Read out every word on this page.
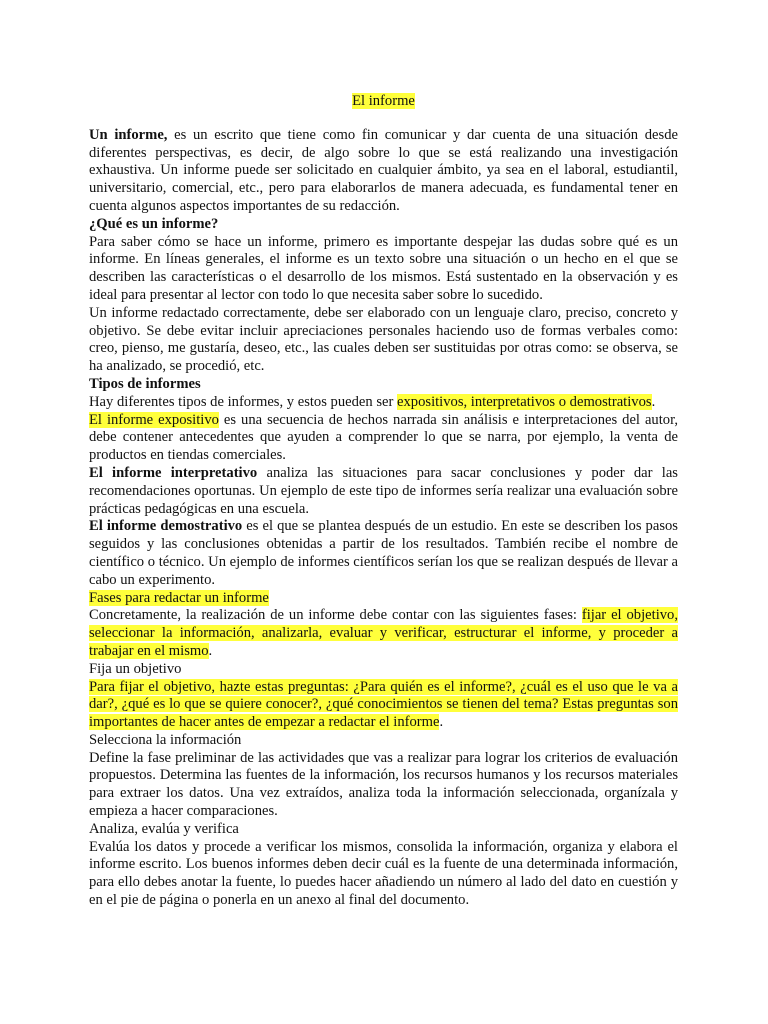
El informe

Un informe, es un escrito que tiene como fin comunicar y dar cuenta de una situación desde diferentes perspectivas, es decir, de algo sobre lo que se está realizando una investigación exhaustiva. Un informe puede ser solicitado en cualquier ámbito, ya sea en el laboral, estudiantil, universitario, comercial, etc., pero para elaborarlos de manera adecuada, es fundamental tener en cuenta algunos aspectos importantes de su redacción.

¿Qué es un informe?

Para saber cómo se hace un informe, primero es importante despejar las dudas sobre qué es un informe. En líneas generales, el informe es un texto sobre una situación o un hecho en el que se describen las características o el desarrollo de los mismos. Está sustentado en la observación y es ideal para presentar al lector con todo lo que necesita saber sobre lo sucedido.

Un informe redactado correctamente, debe ser elaborado con un lenguaje claro, preciso, concreto y objetivo. Se debe evitar incluir apreciaciones personales haciendo uso de formas verbales como: creo, pienso, me gustaría, deseo, etc., las cuales deben ser sustituidas por otras como: se observa, se ha analizado, se procedió, etc.

Tipos de informes

Hay diferentes tipos de informes, y estos pueden ser expositivos, interpretativos o demostrativos.

El informe expositivo es una secuencia de hechos narrada sin análisis e interpretaciones del autor, debe contener antecedentes que ayuden a comprender lo que se narra, por ejemplo, la venta de productos en tiendas comerciales.

El informe interpretativo analiza las situaciones para sacar conclusiones y poder dar las recomendaciones oportunas. Un ejemplo de este tipo de informes sería realizar una evaluación sobre prácticas pedagógicas en una escuela.

El informe demostrativo es el que se plantea después de un estudio. En este se describen los pasos seguidos y las conclusiones obtenidas a partir de los resultados. También recibe el nombre de científico o técnico. Un ejemplo de informes científicos serían los que se realizan después de llevar a cabo un experimento.

Fases para redactar un informe

Concretamente, la realización de un informe debe contar con las siguientes fases: fijar el objetivo, seleccionar la información, analizarla, evaluar y verificar, estructurar el informe, y proceder a trabajar en el mismo.

Fija un objetivo

Para fijar el objetivo, hazte estas preguntas: ¿Para quién es el informe?, ¿cuál es el uso que le va a dar?, ¿qué es lo que se quiere conocer?, ¿qué conocimientos se tienen del tema? Estas preguntas son importantes de hacer antes de empezar a redactar el informe.

Selecciona la información

Define la fase preliminar de las actividades que vas a realizar para lograr los criterios de evaluación propuestos. Determina las fuentes de la información, los recursos humanos y los recursos materiales para extraer los datos. Una vez extraídos, analiza toda la información seleccionada, organízala y empieza a hacer comparaciones.

Analiza, evalúa y verifica

Evalúa los datos y procede a verificar los mismos, consolida la información, organiza y elabora el informe escrito. Los buenos informes deben decir cuál es la fuente de una determinada información, para ello debes anotar la fuente, lo puedes hacer añadiendo un número al lado del dato en cuestión y en el pie de página o ponerla en un anexo al final del documento.
